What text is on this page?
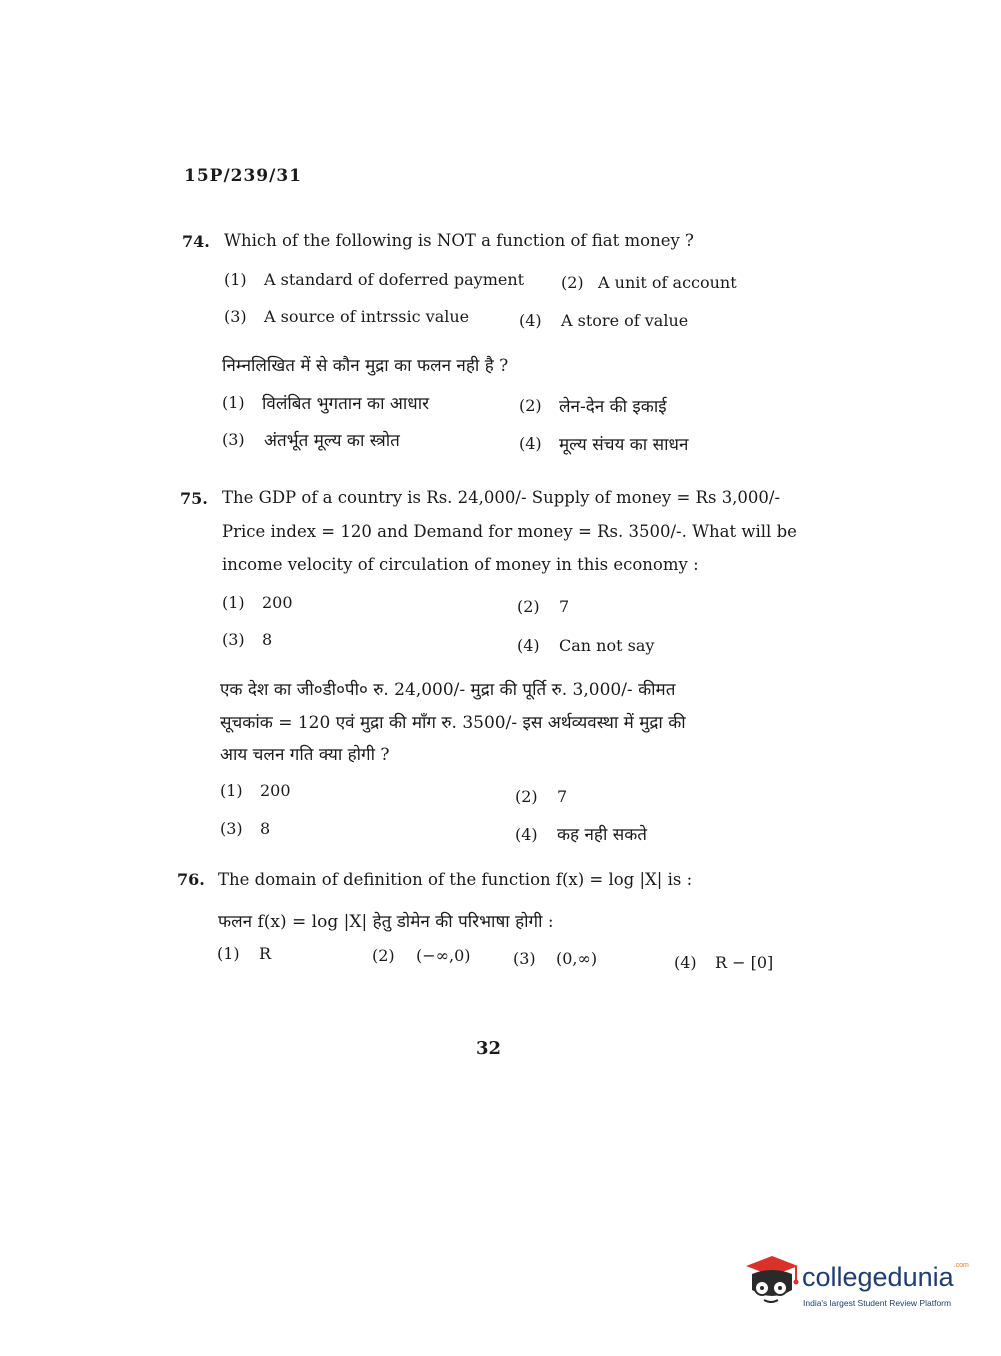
15P/239/31
74. Which of the following is NOT a function of fiat money ?
(1) A standard of doferred payment (2) A unit of account
(3) A source of intrssic value	(4) A store of value
निम्नलिखित में से कौन मुद्रा का फलन नही है ?
(1) विलंबित भुगतान का आधार	(2) लेन-देन की इकाई
(3) अंतर्भूत मूल्य का स्त्रोत	(4) मूल्य संचय का साधन
75. The GDP of a country is Rs. 24,000/- Supply of money = Rs 3,000/-
Price index = 120 and Demand for money = Rs. 3500/-. What will be
income velocity of circulation of money in this economy :
(1) 200	(2) 7
(3) 8	(4) Can not say
एक देश का जी०डी०पी० रु. 24,000/- मुद्रा की पूर्ति रु. 3,000/- कीमत
सूचकांक = 120 एवं मुद्रा की माँग रु. 3500/- इस अर्थव्यवस्था में मुद्रा की
आय चलन गति क्या होगी ?
(1) 200	(2) 7
(3) 8	(4) कह नही सकते
76. The domain of definition of the function f(x) = log |X| is :
फलन f(x) = log |X| हेतु डोमेन की परिभाषा होगी :
(1) R	(2) (−∞,0)	(3) (0,∞)	(4) R − [0]
32
collegedunia$^{.com}$
India's largest Student Review Platform
